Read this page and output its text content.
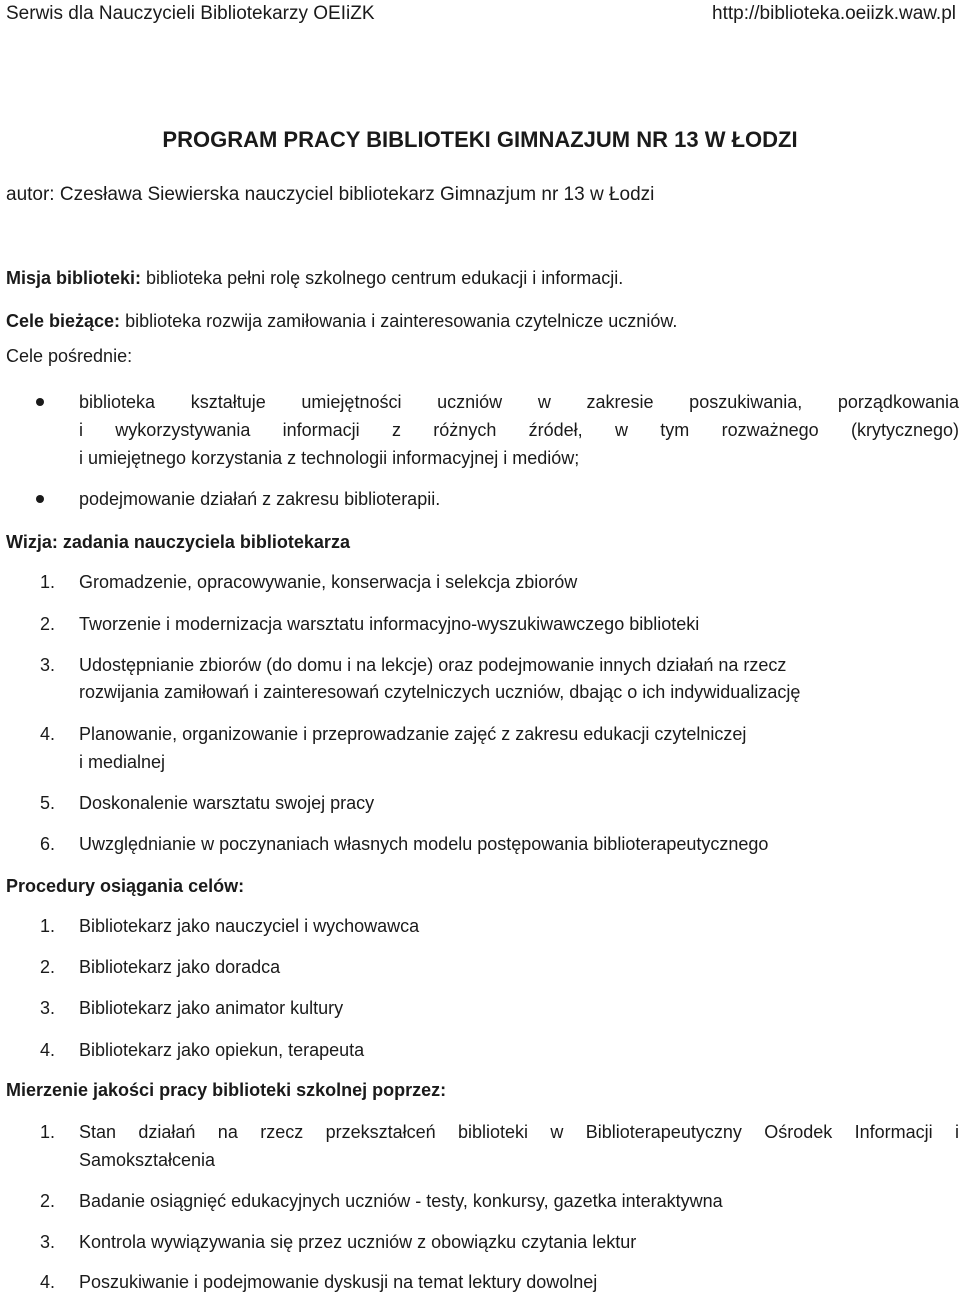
Serwis dla Nauczycieli Bibliotekarzy OEIiZK	http://biblioteka.oeiizk.waw.pl
PROGRAM PRACY BIBLIOTEKI GIMNAZJUM NR 13 W ŁODZI
autor: Czesława Siewierska nauczyciel bibliotekarz Gimnazjum nr 13 w Łodzi
Misja biblioteki: biblioteka pełni rolę szkolnego centrum edukacji i informacji.
Cele bieżące: biblioteka rozwija zamiłowania i zainteresowania czytelnicze uczniów.
Cele pośrednie:
biblioteka kształtuje umiejętności uczniów w zakresie poszukiwania, porządkowania
i wykorzystywania informacji z różnych źródeł, w tym rozważnego (krytycznego)
i umiejętnego korzystania z technologii informacyjnej i mediów;
podejmowanie działań z zakresu biblioterapii.
Wizja: zadania nauczyciela bibliotekarza
1. Gromadzenie, opracowywanie, konserwacja i selekcja zbiorów
2. Tworzenie i modernizacja warsztatu informacyjno-wyszukiwawczego biblioteki
3. Udostępnianie zbiorów (do domu i na lekcje) oraz podejmowanie innych działań na rzecz
rozwijania zamiłowań i zainteresowań czytelniczych uczniów, dbając o ich indywidualizację
4. Planowanie, organizowanie i przeprowadzanie zajęć z zakresu edukacji czytelniczej
i medialnej
5. Doskonalenie warsztatu swojej pracy
6. Uwzględnianie w poczynaniach własnych modelu postępowania biblioterapeutycznego
Procedury osiągania celów:
1. Bibliotekarz jako nauczyciel i wychowawca
2. Bibliotekarz jako doradca
3. Bibliotekarz jako animator kultury
4. Bibliotekarz jako opiekun, terapeuta
Mierzenie jakości pracy biblioteki szkolnej poprzez:
1. Stan działań na rzecz przekształceń biblioteki w Biblioterapeutyczny Ośrodek Informacji i
Samokształcenia
2. Badanie osiągnięć edukacyjnych uczniów - testy, konkursy, gazetka interaktywna
3. Kontrola wywiązywania się przez uczniów z obowiązku czytania lektur
4. Poszukiwanie i podejmowanie dyskusji na temat lektury dowolnej
